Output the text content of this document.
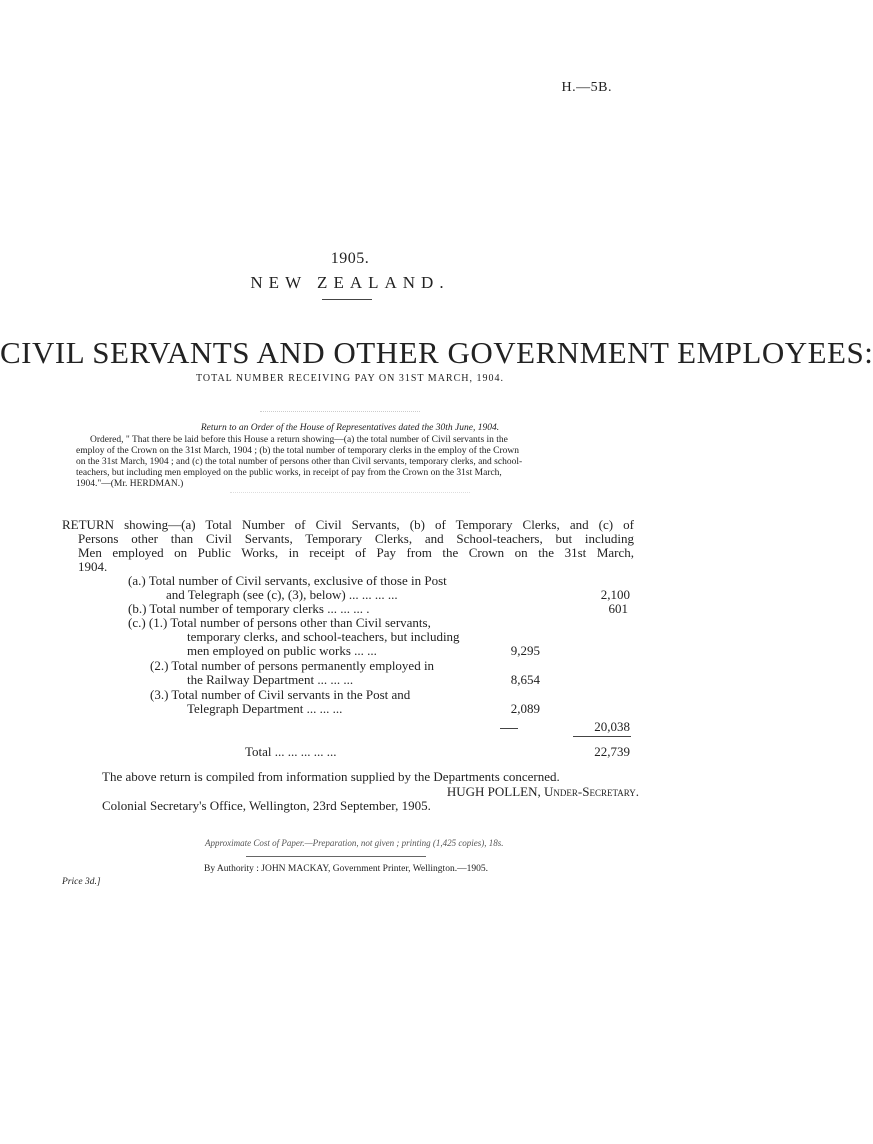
H.—5B.
1905.
NEW ZEALAND.
CIVIL SERVANTS AND OTHER GOVERNMENT EMPLOYEES:
TOTAL NUMBER RECEIVING PAY ON 31ST MARCH, 1904.
Return to an Order of the House of Representatives dated the 30th June, 1904.

Ordered, " That there be laid before this House a return showing—(a) the total number of Civil servants in the

employ of the Crown on the 31st March, 1904 ; (b) the total number of temporary clerks in the employ of the Crown

on the 31st March, 1904 ; and (c) the total number of persons other than Civil servants, temporary clerks, and school-

teachers, but including men employed on the public works, in receipt of pay from the Crown on the 31st March,

1904."—(Mr. HERDMAN.)

RETURN showing—(a) Total Number of Civil Servants, (b) of Temporary Clerks, and (c) of
Persons other than Civil Servants, Temporary Clerks, and School-teachers, but including
Men employed on Public Works, in receipt of Pay from the Crown on the 31st March,
1904.
(a.) Total number of Civil servants, exclusive of those in Post
and Telegraph (see (c), (3), below) ... ... ... ...	2,100
(b.) Total number of temporary clerks ... ... ... .	601
(c.) (1.) Total number of persons other than Civil servants,
temporary clerks, and school-teachers, but including
men employed on public works ... ...	9,295
(2.) Total number of persons permanently employed in
the Railway Department ... ... ...	8,654
(3.) Total number of Civil servants in the Post and
Telegraph Department ... ... ...	2,089
20,038
Total ... ... ... ... ...	22,739
The above return is compiled from information supplied by the Departments concerned.
HUGH POLLEN, Under-Secretary.
Colonial Secretary's Office, Wellington, 23rd September, 1905.
Approximate Cost of Paper.—Preparation, not given ; printing (1,425 copies), 18s.
By Authority : JOHN MACKAY, Government Printer, Wellington.—1905.
Price 3d.]
